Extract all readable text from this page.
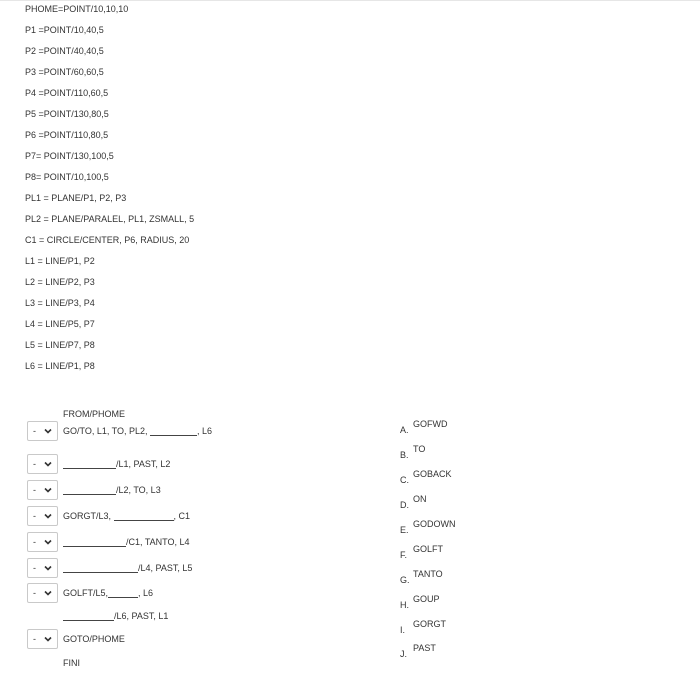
PHOME=POINT/10,10,10
P1 =POINT/10,40,5
P2 =POINT/40,40,5
P3 =POINT/60,60,5
P4 =POINT/110,60,5
P5 =POINT/130,80,5
P6 =POINT/110,80,5
P7= POINT/130,100,5
P8= POINT/10,100,5
PL1 = PLANE/P1, P2, P3
PL2 = PLANE/PARALEL, PL1, ZSMALL, 5
C1 = CIRCLE/CENTER, P6, RADIUS, 20
L1 = LINE/P1, P2
L2 = LINE/P2, P3
L3 = LINE/P3, P4
L4 = LINE/P5, P7
L5 = LINE/P7, P8
L6 = LINE/P1, P8
FROM/PHOME
-	GO/TO, L1, TO, PL2,	, L6
-	/L1, PAST, L2
-	/L2, TO, L3
-	GORGT/L3,	, C1
-	/C1, TANTO, L4
-	/L4, PAST, L5
-	GOLFT/L5,	, L6
/L6, PAST, L1
-	GOTO/PHOME
FINI
A.
GOFWD
B.
TO
C.
GOBACK
D.
ON
E.
GODOWN
F.
GOLFT
G.
TANTO
H.
GOUP
I.
GORGT
J.
PAST
